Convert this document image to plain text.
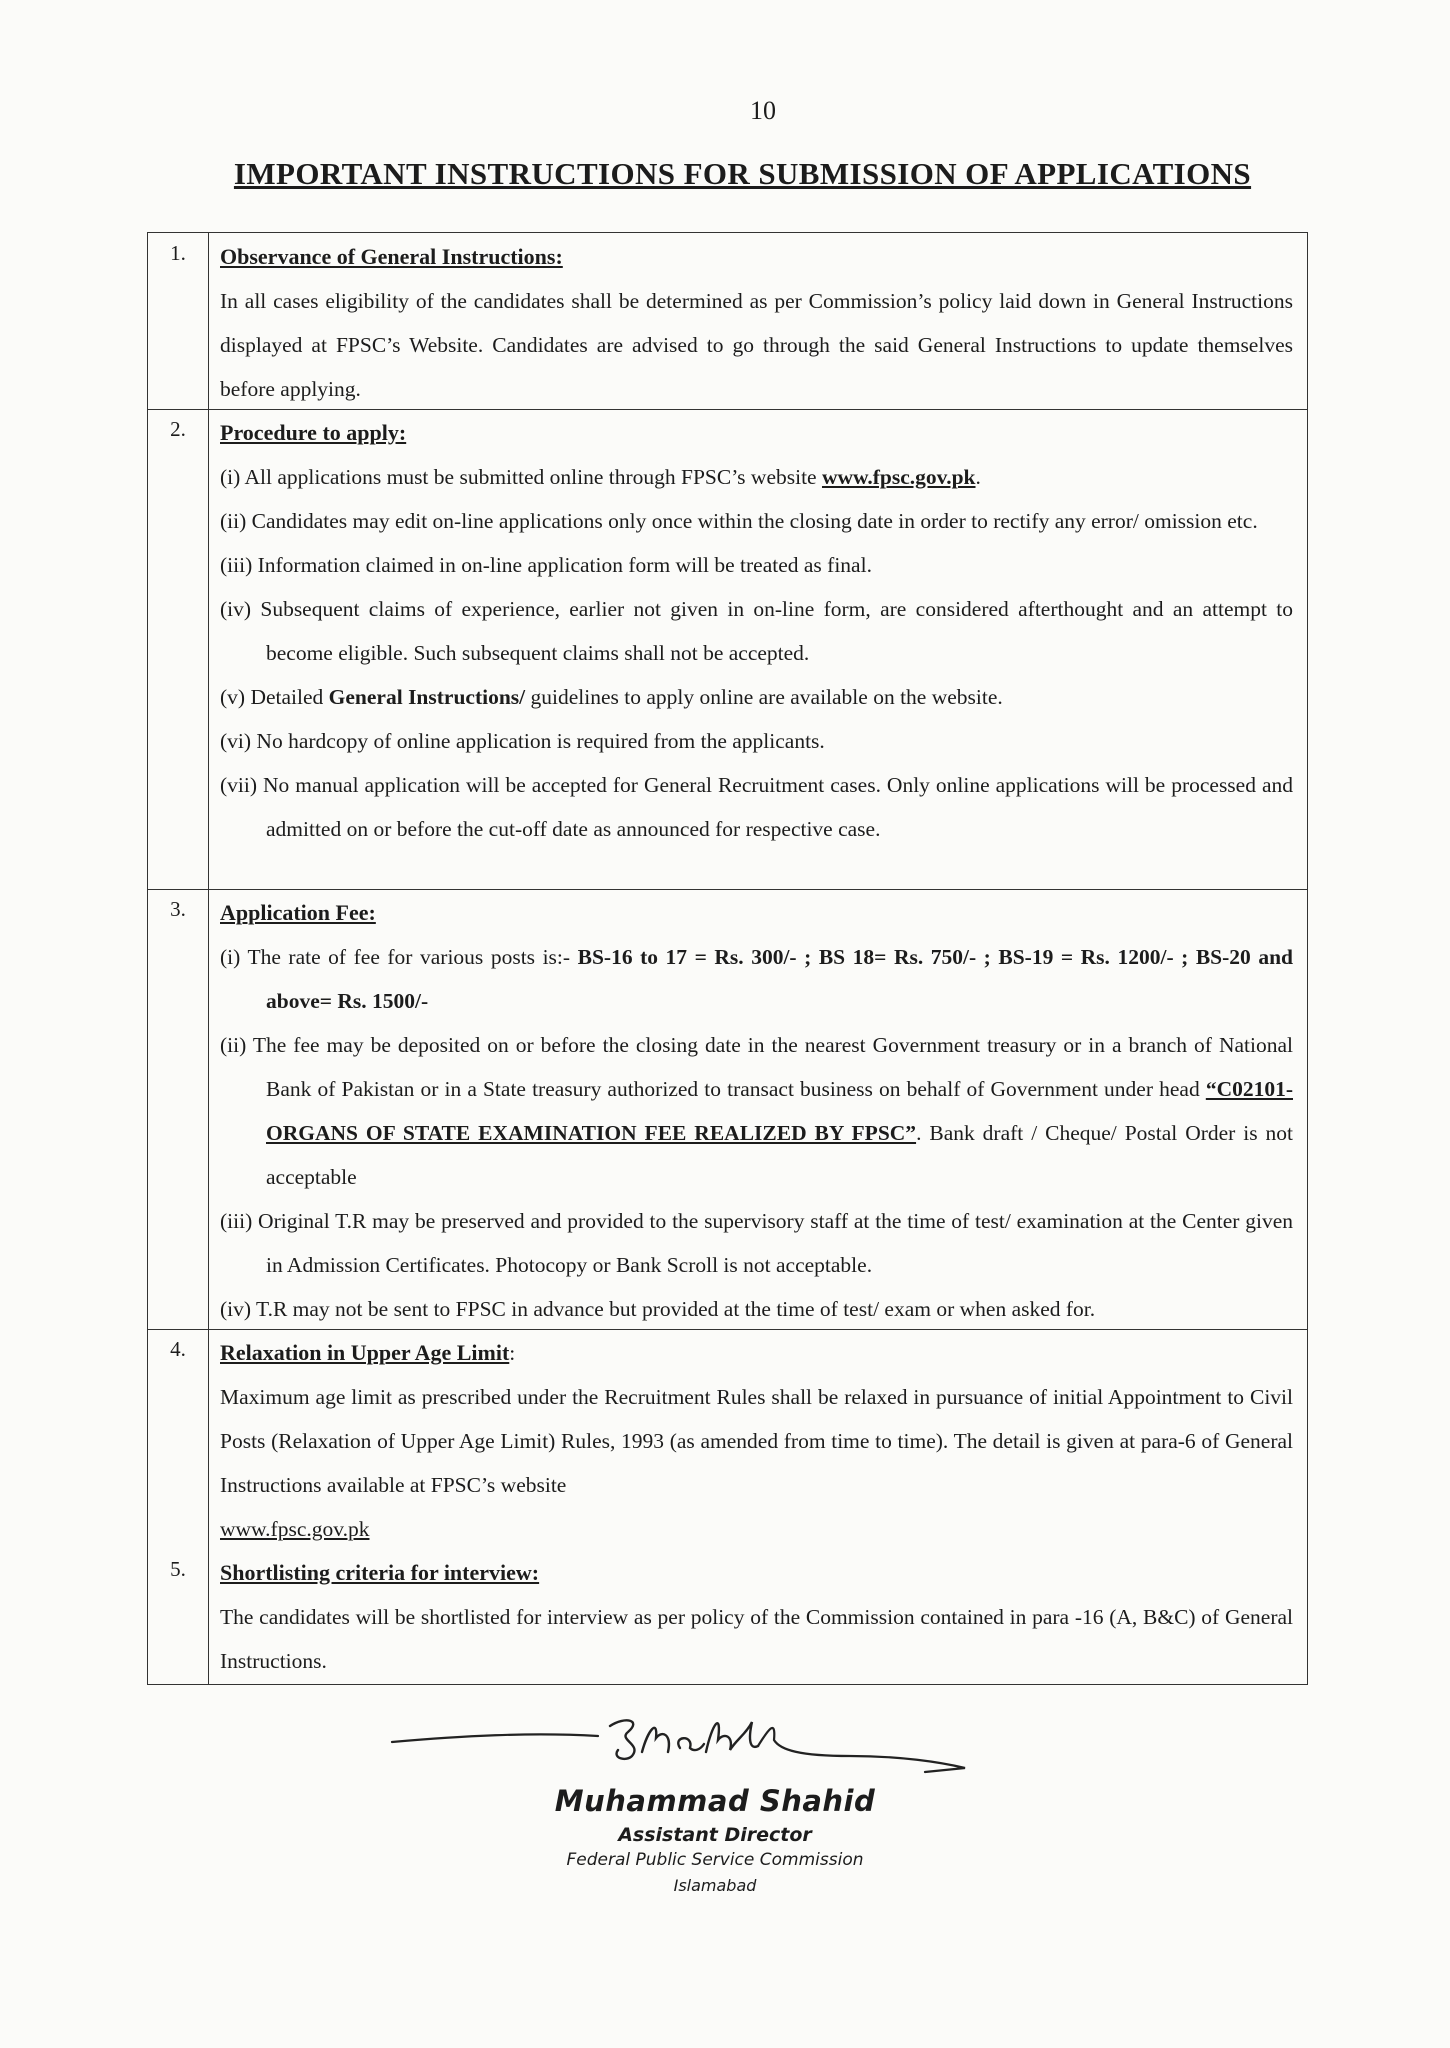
10
IMPORTANT INSTRUCTIONS FOR SUBMISSION OF APPLICATIONS
1.	Observance of General Instructions:
In all cases eligibility of the candidates shall be determined as per Commission’s policy laid down in General Instructions displayed at FPSC’s Website. Candidates are advised to go through the said General Instructions to update themselves before applying.
2.	Procedure to apply:
(i) All applications must be submitted online through FPSC’s website www.fpsc.gov.pk.
(ii) Candidates may edit on-line applications only once within the closing date in order to rectify any error/ omission etc.
(iii) Information claimed in on-line application form will be treated as final.
(iv) Subsequent claims of experience, earlier not given in on-line form, are considered afterthought and an attempt to become eligible. Such subsequent claims shall not be accepted.
(v) Detailed General Instructions/ guidelines to apply online are available on the website.
(vi) No hardcopy of online application is required from the applicants.
(vii) No manual application will be accepted for General Recruitment cases. Only online applications will be processed and admitted on or before the cut-off date as announced for respective case.
3.	Application Fee:
(i) The rate of fee for various posts is:- BS-16 to 17 = Rs. 300/- ; BS 18= Rs. 750/- ; BS-19 = Rs. 1200/- ; BS-20 and above= Rs. 1500/-
(ii) The fee may be deposited on or before the closing date in the nearest Government treasury or in a branch of National Bank of Pakistan or in a State treasury authorized to transact business on behalf of Government under head “C02101-ORGANS OF STATE EXAMINATION FEE REALIZED BY FPSC”. Bank draft / Cheque/ Postal Order is not acceptable
(iii) Original T.R may be preserved and provided to the supervisory staff at the time of test/ examination at the Center given in Admission Certificates. Photocopy or Bank Scroll is not acceptable.
(iv) T.R may not be sent to FPSC in advance but provided at the time of test/ exam or when asked for.
4.	Relaxation in Upper Age Limit:
Maximum age limit as prescribed under the Recruitment Rules shall be relaxed in pursuance of initial Appointment to Civil Posts (Relaxation of Upper Age Limit) Rules, 1993 (as amended from time to time). The detail is given at para-6 of General Instructions available at FPSC’s website
www.fpsc.gov.pk
5.	Shortlisting criteria for interview:
The candidates will be shortlisted for interview as per policy of the Commission contained in para -16 (A, B&C) of General Instructions.
Muhammad Shahid
Assistant Director
Federal Public Service Commission
Islamabad
